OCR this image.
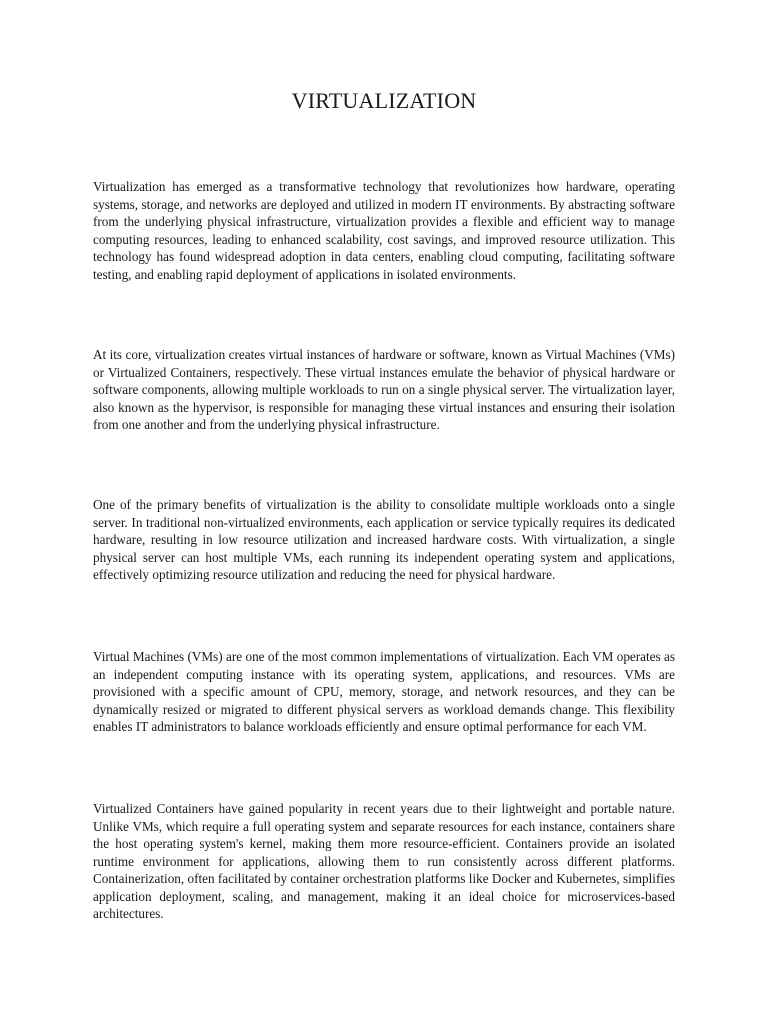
VIRTUALIZATION

Virtualization has emerged as a transformative technology that revolutionizes how hardware, operating systems, storage, and networks are deployed and utilized in modern IT environments. By abstracting software from the underlying physical infrastructure, virtualization provides a flexible and efficient way to manage computing resources, leading to enhanced scalability, cost savings, and improved resource utilization. This technology has found widespread adoption in data centers, enabling cloud computing, facilitating software testing, and enabling rapid deployment of applications in isolated environments.

At its core, virtualization creates virtual instances of hardware or software, known as Virtual Machines (VMs) or Virtualized Containers, respectively. These virtual instances emulate the behavior of physical hardware or software components, allowing multiple workloads to run on a single physical server. The virtualization layer, also known as the hypervisor, is responsible for managing these virtual instances and ensuring their isolation from one another and from the underlying physical infrastructure.

One of the primary benefits of virtualization is the ability to consolidate multiple workloads onto a single server. In traditional non-virtualized environments, each application or service typically requires its dedicated hardware, resulting in low resource utilization and increased hardware costs. With virtualization, a single physical server can host multiple VMs, each running its independent operating system and applications, effectively optimizing resource utilization and reducing the need for physical hardware.

Virtual Machines (VMs) are one of the most common implementations of virtualization. Each VM operates as an independent computing instance with its operating system, applications, and resources. VMs are provisioned with a specific amount of CPU, memory, storage, and network resources, and they can be dynamically resized or migrated to different physical servers as workload demands change. This flexibility enables IT administrators to balance workloads efficiently and ensure optimal performance for each VM.

Virtualized Containers have gained popularity in recent years due to their lightweight and portable nature. Unlike VMs, which require a full operating system and separate resources for each instance, containers share the host operating system's kernel, making them more resource-efficient. Containers provide an isolated runtime environment for applications, allowing them to run consistently across different platforms. Containerization, often facilitated by container orchestration platforms like Docker and Kubernetes, simplifies application deployment, scaling, and management, making it an ideal choice for microservices-based architectures.
